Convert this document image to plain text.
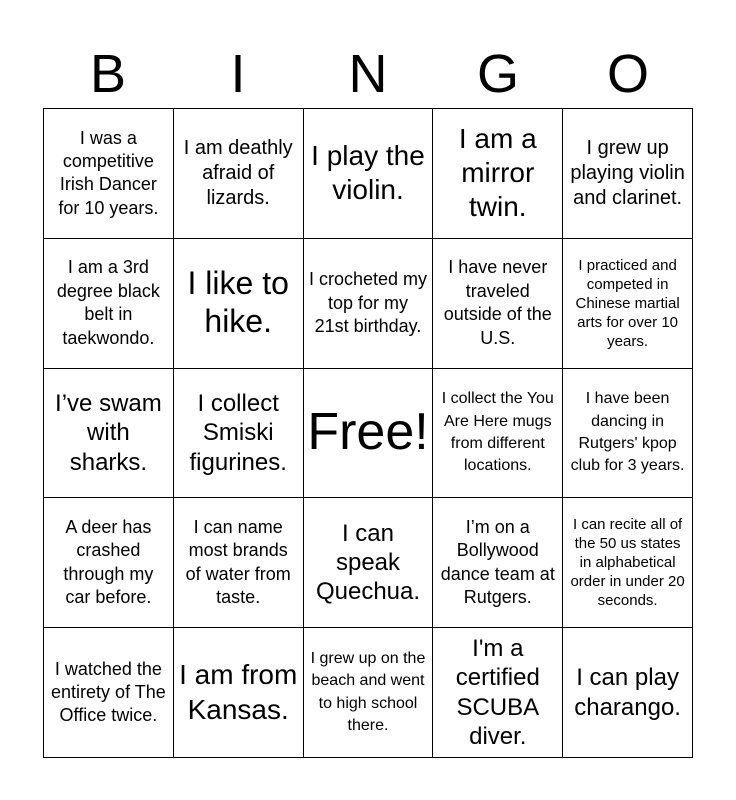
B	I	N	G	O
I was a competitive Irish Dancer for 10 years.
I am deathly afraid of lizards.
I play the violin.
I am a mirror twin.
I grew up playing violin and clarinet.
I am a 3rd degree black belt in taekwondo.
I like to hike.
I crocheted my top for my 21st birthday.
I have never traveled outside of the U.S.
I practiced and competed in Chinese martial arts for over 10 years.
I’ve swam with sharks.
I collect Smiski figurines.
Free!
I collect the You Are Here mugs from different locations.
I have been dancing in Rutgers' kpop club for 3 years.
A deer has crashed through my car before.
I can name most brands of water from taste.
I can speak Quechua.
I’m on a Bollywood dance team at Rutgers.
I can recite all of the 50 us states in alphabetical order in under 20 seconds.
I watched the entirety of The Office twice.
I am from Kansas.
I grew up on the beach and went to high school there.
I'm a certified SCUBA diver.
I can play charango.
